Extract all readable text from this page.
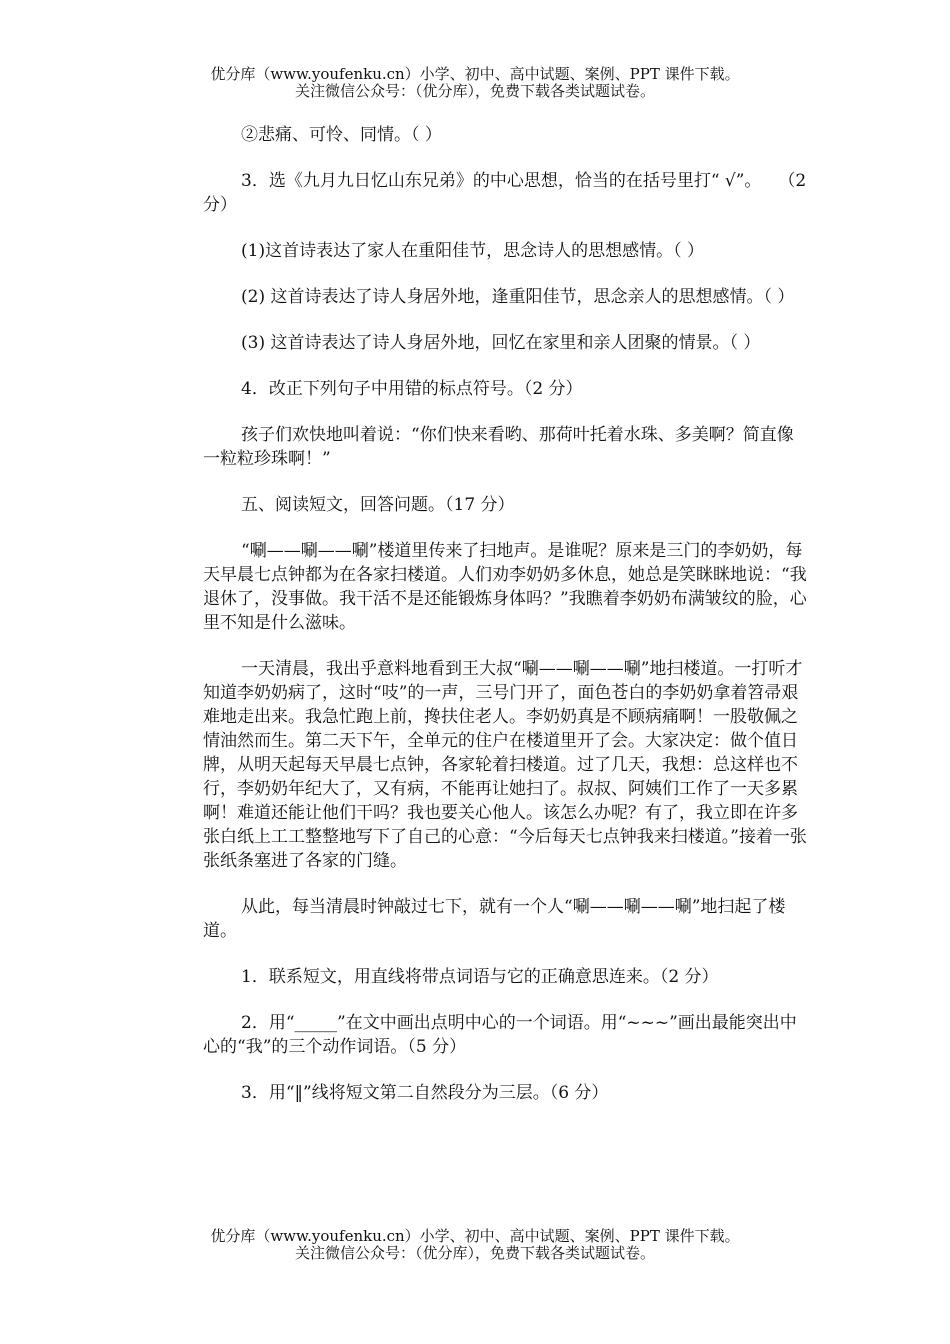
优分库（www.youfenku.cn）小学、初中、高中试题、案例、PPT 课件下载。
关注微信公众号：（优分库），免费下载各类试题试卷。

②悲痛、可怜、同情。（ ）

3．选《九月九日忆山东兄弟》的中心思想，恰当的在括号里打“ √”。　　（2 分）

(1)这首诗表达了家人在重阳佳节，思念诗人的思想感情。（ ）

(2) 这首诗表达了诗人身居外地，逢重阳佳节，思念亲人的思想感情。（ ）

(3) 这首诗表达了诗人身居外地，回忆在家里和亲人团聚的情景。（ ）

4．改正下列句子中用错的标点符号。（2 分）

孩子们欢快地叫着说：“你们快来看哟、那荷叶托着水珠、多美啊？简直像一粒粒珍珠啊！”

五、阅读短文，回答问题。（17 分）

“唰——唰——唰”楼道里传来了扫地声。是谁呢？原来是三门的李奶奶，每天早晨七点钟都为在各家扫楼道。人们劝李奶奶多休息，她总是笑眯眯地说：“我退休了，没事做。我干活不是还能锻炼身体吗？”我瞧着李奶奶布满皱纹的脸，心里不知是什么滋味。

一天清晨，我出乎意料地看到王大叔“唰——唰——唰”地扫楼道。一打听才知道李奶奶病了，这时“吱”的一声，三号门开了，面色苍白的李奶奶拿着笤帚艰难地走出来。我急忙跑上前，搀扶住老人。李奶奶真是不顾病痛啊！一股敬佩之情油然而生。第二天下午，全单元的住户在楼道里开了会。大家决定：做个值日牌，从明天起每天早晨七点钟，各家轮着扫楼道。过了几天，我想：总这样也不行，李奶奶年纪大了，又有病，不能再让她扫了。叔叔、阿姨们工作了一天多累啊！难道还能让他们干吗？我也要关心他人。该怎么办呢？有了，我立即在许多张白纸上工工整整地写下了自己的心意：“今后每天七点钟我来扫楼道。”接着一张张纸条塞进了各家的门缝。

从此，每当清晨时钟敲过七下，就有一个人“唰——唰——唰”地扫起了楼道。

1．联系短文，用直线将带点词语与它的正确意思连来。（2 分）

2．用“_____”在文中画出点明中心的一个词语。用“~~~”画出最能突出中心的“我”的三个动作词语。（5 分）

3．用“‖”线将短文第二自然段分为三层。（6 分）

优分库（www.youfenku.cn）小学、初中、高中试题、案例、PPT 课件下载。
关注微信公众号：（优分库），免费下载各类试题试卷。
